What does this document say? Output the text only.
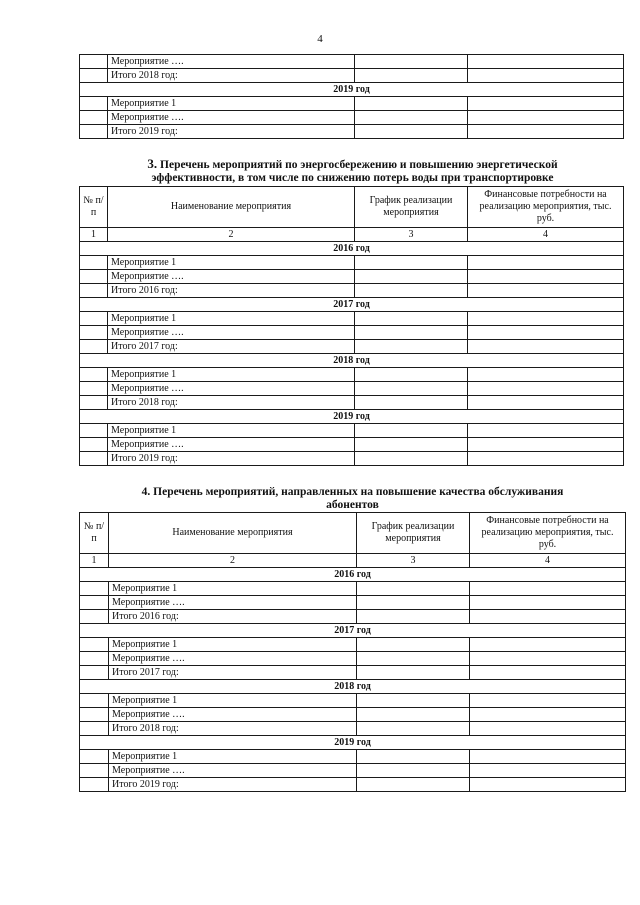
4
	Мероприятие ….		
	Итого 2018 год:		
2019 год			
	Мероприятие 1		
	Мероприятие ….		
	Итого 2019 год:		
3. Перечень мероприятий по энергосбережению и повышению энергетической
эффективности, в том числе по снижению потерь воды при транспортировке
№ п/п	Наименование мероприятия	График реализации мероприятия	Финансовые потребности на реализацию мероприятия, тыс. руб.
1	2	3	4
2016 год			
	Мероприятие 1		
	Мероприятие ….		
	Итого 2016 год:		
2017 год			
	Мероприятие 1		
	Мероприятие ….		
	Итого 2017 год:		
2018 год			
	Мероприятие 1		
	Мероприятие ….		
	Итого 2018 год:		
2019 год			
	Мероприятие 1		
	Мероприятие ….		
	Итого 2019 год:		
4. Перечень мероприятий, направленных на повышение качества обслуживания
абонентов
№ п/п	Наименование мероприятия	График реализации мероприятия	Финансовые потребности на реализацию мероприятия, тыс. руб.
1	2	3	4
2016 год			
	Мероприятие 1		
	Мероприятие ….		
	Итого 2016 год:		
2017 год			
	Мероприятие 1		
	Мероприятие ….		
	Итого 2017 год:		
2018 год			
	Мероприятие 1		
	Мероприятие ….		
	Итого 2018 год:		
2019 год			
	Мероприятие 1		
	Мероприятие ….		
	Итого 2019 год:		
